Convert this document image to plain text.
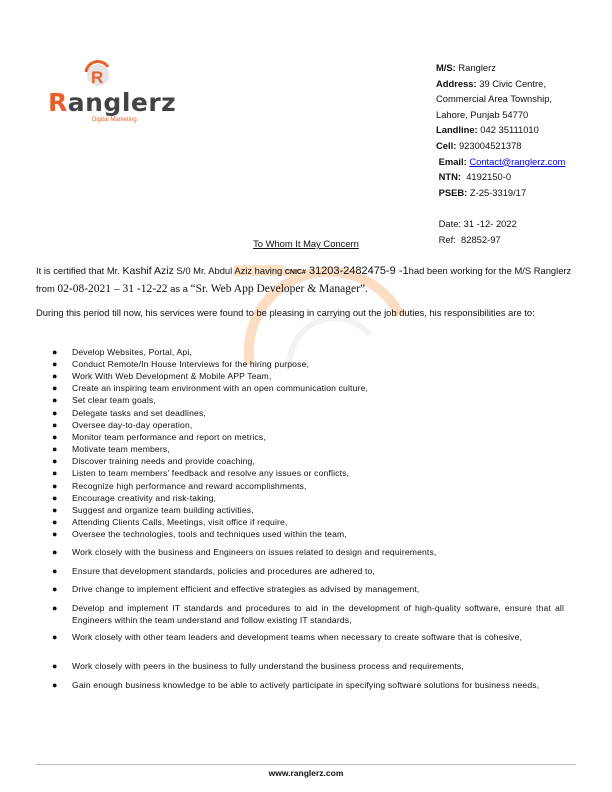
R
Ranglerz
Digital Marketing
M/S: Ranglerz
Address: 39 Civic Centre,
Commercial Area Township,
Lahore, Punjab 54770
Landline: 042 35111010
Cell: 923004521378
Email: Contact@ranglerz.com
NTN: 4192150-0
PSEB: Z-25-3319/17

Date: 31 -12- 2022
Ref: 82852-97
To Whom It May Concern
It is certified that Mr. Kashif Aziz S/0 Mr. Abdul Aziz having CNIC# 31203-2482475-9 -1had been working for the M/S Ranglerz from 02-08-2021 – 31 -12-22 as a “Sr. Web App Developer & Manager”.
During this period till now, his services were found to be pleasing in carrying out the job duties, his responsibilities are to:
● Develop Websites, Portal, Api,
● Conduct Remote/In House Interviews for the hiring purpose,
● Work With Web Development & Mobile APP Team,
● Create an inspiring team environment with an open communication culture,
● Set clear team goals,
● Delegate tasks and set deadlines,
● Oversee day-to-day operation,
● Monitor team performance and report on metrics,
● Motivate team members,
● Discover training needs and provide coaching,
● Listen to team members' feedback and resolve any issues or conflicts,
● Recognize high performance and reward accomplishments,
● Encourage creativity and risk-taking,
● Suggest and organize team building activities,
● Attending Clients Calls, Meetings, visit office if require,
● Oversee the technologies, tools and techniques used within the team,
● Work closely with the business and Engineers on issues related to design and requirements,
● Ensure that development standards, policies and procedures are adhered to,
● Drive change to implement efficient and effective strategies as advised by management,
● Develop and implement IT standards and procedures to aid in the development of high-quality software, ensure that all Engineers within the team understand and follow existing IT standards,
● Work closely with other team leaders and development teams when necessary to create software that is cohesive,
● Work closely with peers in the business to fully understand the business process and requirements,
● Gain enough business knowledge to be able to actively participate in specifying software solutions for business needs,
www.ranglerz.com
